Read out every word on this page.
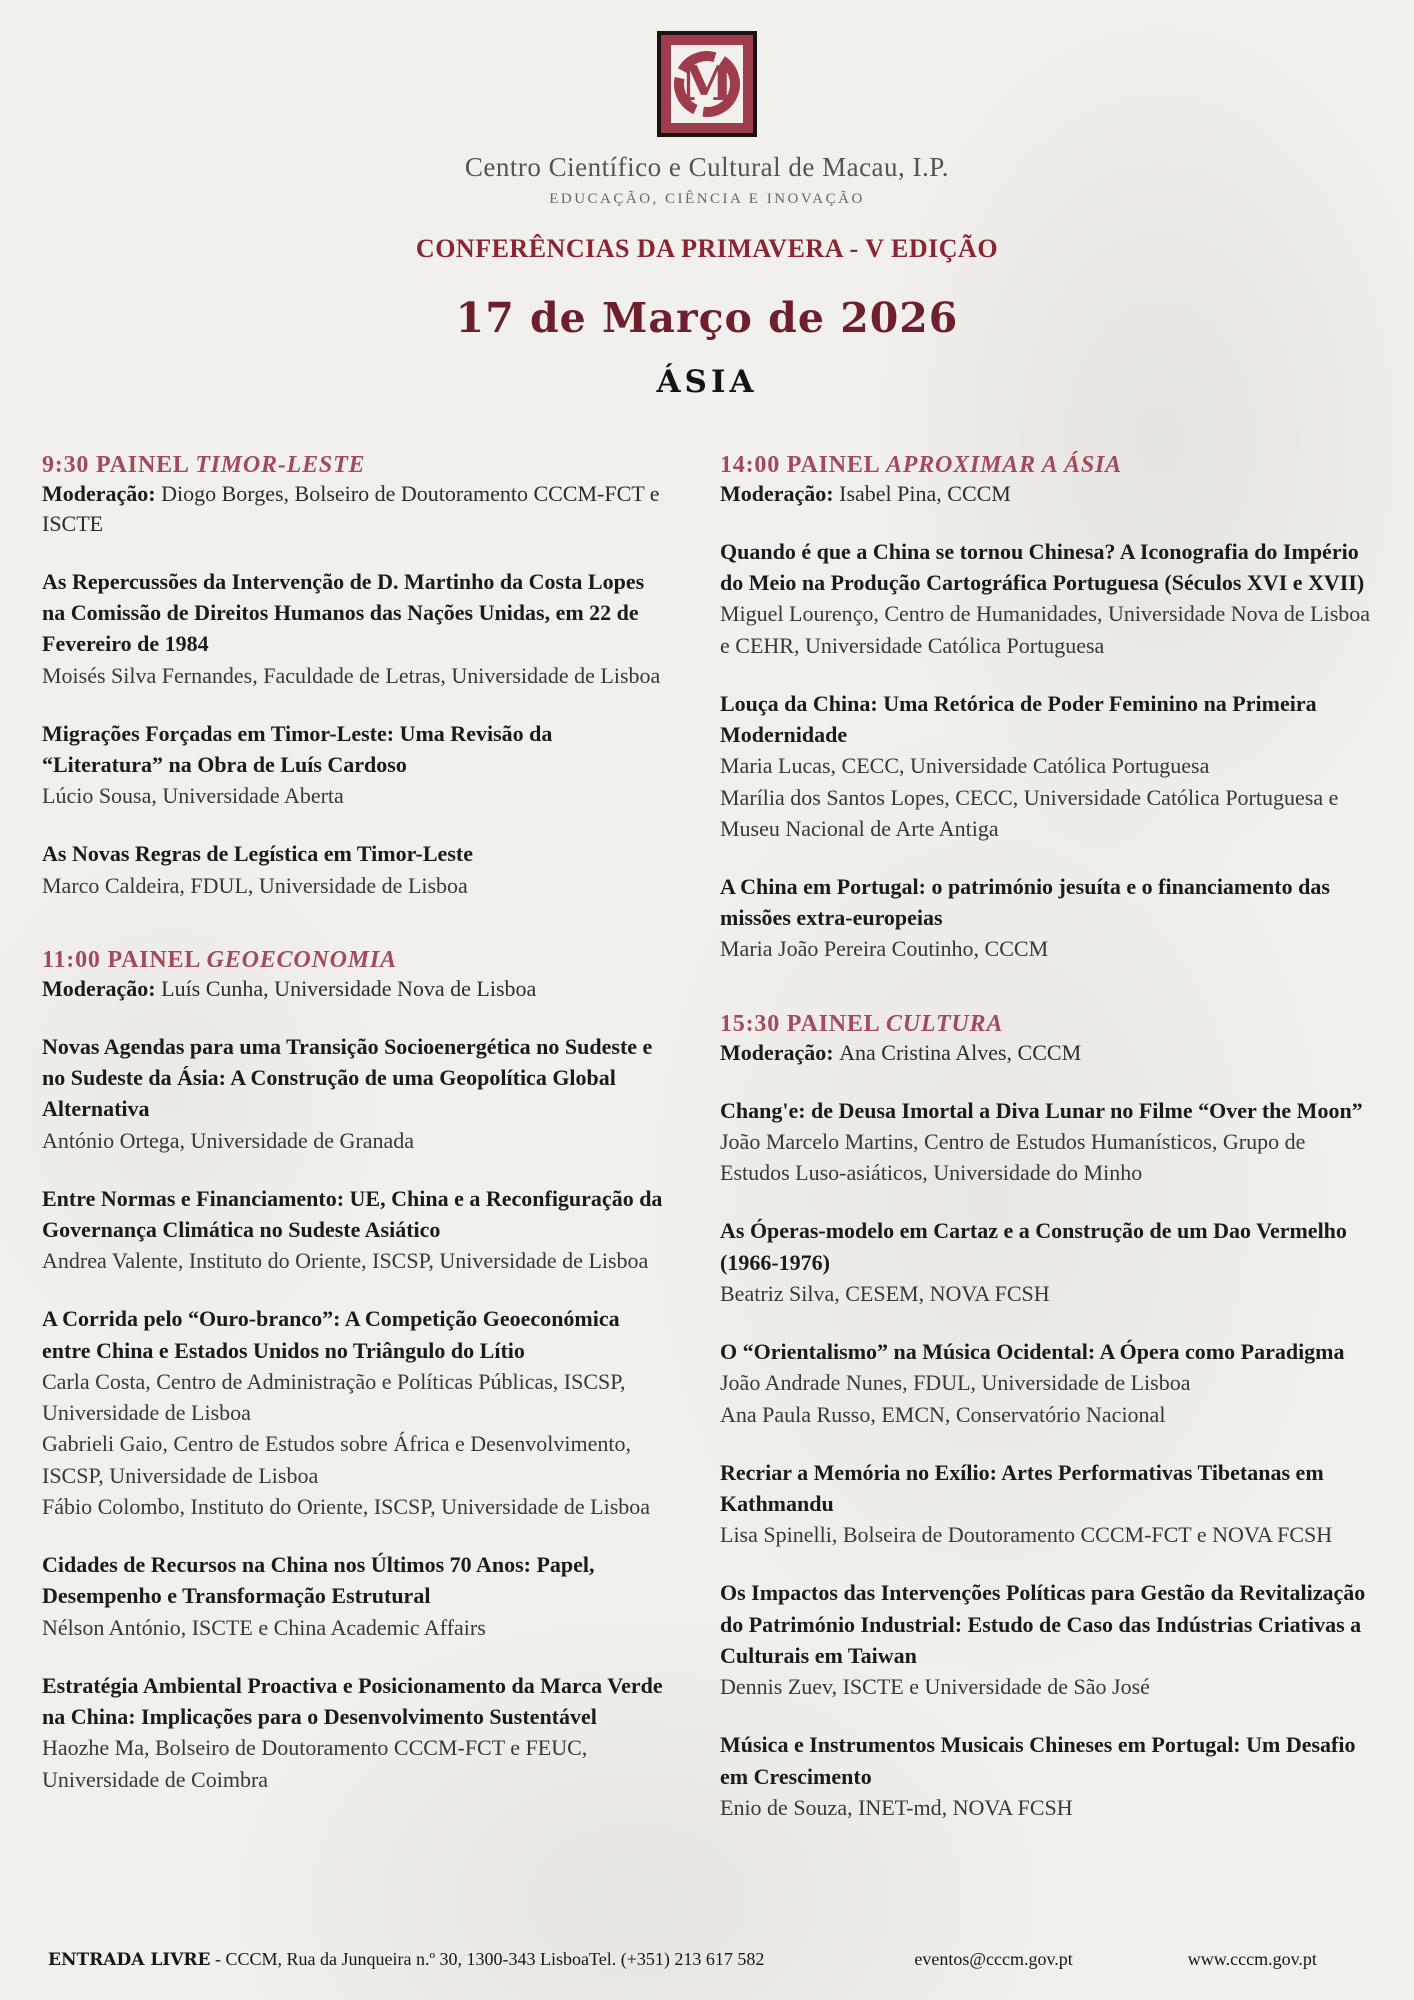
M
Centro Científico e Cultural de Macau, I.P.
EDUCAÇÃO, CIÊNCIA E INOVAÇÃO
CONFERÊNCIAS DA PRIMAVERA - V EDIÇÃO
17 de Março de 2026
ÁSIA
9:30 PAINEL TIMOR-LESTE
Moderação: Diogo Borges, Bolseiro de Doutoramento CCCM-FCT e ISCTE
As Repercussões da Intervenção de D. Martinho da Costa Lopes na Comissão de Direitos Humanos das Nações Unidas, em 22 de Fevereiro de 1984
Moisés Silva Fernandes, Faculdade de Letras, Universidade de Lisboa
Migrações Forçadas em Timor-Leste: Uma Revisão da “Literatura” na Obra de Luís Cardoso
Lúcio Sousa, Universidade Aberta
As Novas Regras de Legística em Timor-Leste
Marco Caldeira, FDUL, Universidade de Lisboa
11:00 PAINEL GEOECONOMIA
Moderação: Luís Cunha, Universidade Nova de Lisboa
Novas Agendas para uma Transição Socioenergética no Sudeste e no Sudeste da Ásia: A Construção de uma Geopolítica Global Alternativa
António Ortega, Universidade de Granada
Entre Normas e Financiamento: UE, China e a Reconfiguração da Governança Climática no Sudeste Asiático
Andrea Valente, Instituto do Oriente, ISCSP, Universidade de Lisboa
A Corrida pelo “Ouro-branco”: A Competição Geoeconómica entre China e Estados Unidos no Triângulo do Lítio
Carla Costa, Centro de Administração e Políticas Públicas, ISCSP, Universidade de Lisboa
Gabrieli Gaio, Centro de Estudos sobre África e Desenvolvimento, ISCSP, Universidade de Lisboa
Fábio Colombo, Instituto do Oriente, ISCSP, Universidade de Lisboa
Cidades de Recursos na China nos Últimos 70 Anos: Papel, Desempenho e Transformação Estrutural
Nélson António, ISCTE e China Academic Affairs
Estratégia Ambiental Proactiva e Posicionamento da Marca Verde na China: Implicações para o Desenvolvimento Sustentável
Haozhe Ma, Bolseiro de Doutoramento CCCM-FCT e FEUC, Universidade de Coimbra
14:00 PAINEL APROXIMAR A ÁSIA
Moderação: Isabel Pina, CCCM
Quando é que a China se tornou Chinesa? A Iconografia do Império do Meio na Produção Cartográfica Portuguesa (Séculos XVI e XVII)
Miguel Lourenço, Centro de Humanidades, Universidade Nova de Lisboa e CEHR, Universidade Católica Portuguesa
Louça da China: Uma Retórica de Poder Feminino na Primeira Modernidade
Maria Lucas, CECC, Universidade Católica Portuguesa
Marília dos Santos Lopes, CECC, Universidade Católica Portuguesa e Museu Nacional de Arte Antiga
A China em Portugal: o património jesuíta e o financiamento das missões extra-europeias
Maria João Pereira Coutinho, CCCM
15:30 PAINEL CULTURA
Moderação: Ana Cristina Alves, CCCM
Chang'e: de Deusa Imortal a Diva Lunar no Filme “Over the Moon”
João Marcelo Martins, Centro de Estudos Humanísticos, Grupo de Estudos Luso-asiáticos, Universidade do Minho
As Óperas-modelo em Cartaz e a Construção de um Dao Vermelho (1966-1976)
Beatriz Silva, CESEM, NOVA FCSH
O “Orientalismo” na Música Ocidental: A Ópera como Paradigma
João Andrade Nunes, FDUL, Universidade de Lisboa
Ana Paula Russo, EMCN, Conservatório Nacional
Recriar a Memória no Exílio: Artes Performativas Tibetanas em Kathmandu
Lisa Spinelli, Bolseira de Doutoramento CCCM-FCT e NOVA FCSH
Os Impactos das Intervenções Políticas para Gestão da Revitalização do Património Industrial: Estudo de Caso das Indústrias Criativas a Culturais em Taiwan
Dennis Zuev, ISCTE e Universidade de São José
Música e Instrumentos Musicais Chineses em Portugal: Um Desafio em Crescimento
Enio de Souza, INET-md, NOVA FCSH
ENTRADA LIVRE - CCCM, Rua da Junqueira n.º 30, 1300-343 Lisboa Tel. (+351) 213 617 582	eventos@cccm.gov.pt	www.cccm.gov.pt
